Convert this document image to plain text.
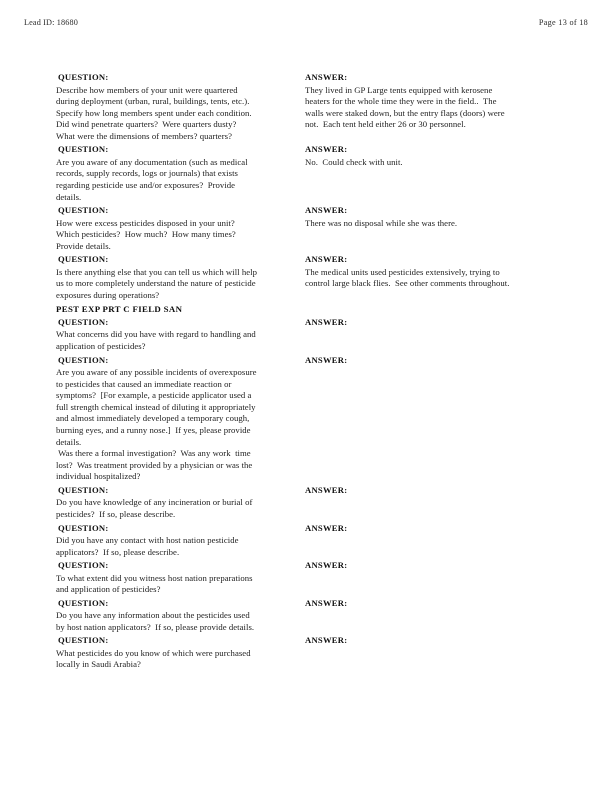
Lead ID: 18680	Page 13 of 18
QUESTION:
Describe how members of your unit were quartered
during deployment (urban, rural, buildings, tents, etc.).
Specify how long members spent under each condition.
Did wind penetrate quarters?  Were quarters dusty?
What were the dimensions of members? quarters?
ANSWER:
They lived in GP Large tents equipped with kerosene
heaters for the whole time they were in the field..  The
walls were staked down, but the entry flaps (doors) were
not.  Each tent held either 26 or 30 personnel.
QUESTION:
Are you aware of any documentation (such as medical
records, supply records, logs or journals) that exists
regarding pesticide use and/or exposures?  Provide
details.
ANSWER:
No.  Could check with unit.
QUESTION:
How were excess pesticides disposed in your unit?
Which pesticides?  How much?  How many times?
Provide details.
ANSWER:
There was no disposal while she was there.
QUESTION:
Is there anything else that you can tell us which will help
us to more completely understand the nature of pesticide
exposures during operations?
ANSWER:
The medical units used pesticides extensively, trying to
control large black flies.  See other comments throughout.
PEST EXP PRT C FIELD SAN
QUESTION:
What concerns did you have with regard to handling and
application of pesticides?
ANSWER:
QUESTION:
Are you aware of any possible incidents of overexposure
to pesticides that caused an immediate reaction or
symptoms?  [For example, a pesticide applicator used a
full strength chemical instead of diluting it appropriately
and almost immediately developed a temporary cough,
burning eyes, and a runny nose.]  If yes, please provide
details.
Was there a formal investigation?  Was any work  time
lost?  Was treatment provided by a physician or was the
individual hospitalized?
ANSWER:
QUESTION:
Do you have knowledge of any incineration or burial of
pesticides?  If so, please describe.
ANSWER:
QUESTION:
Did you have any contact with host nation pesticide
applicators?  If so, please describe.
ANSWER:
QUESTION:
To what extent did you witness host nation preparations
and application of pesticides?
ANSWER:
QUESTION:
Do you have any information about the pesticides used
by host nation applicators?  If so, please provide details.
ANSWER:
QUESTION:
What pesticides do you know of which were purchased
locally in Saudi Arabia?
ANSWER:
